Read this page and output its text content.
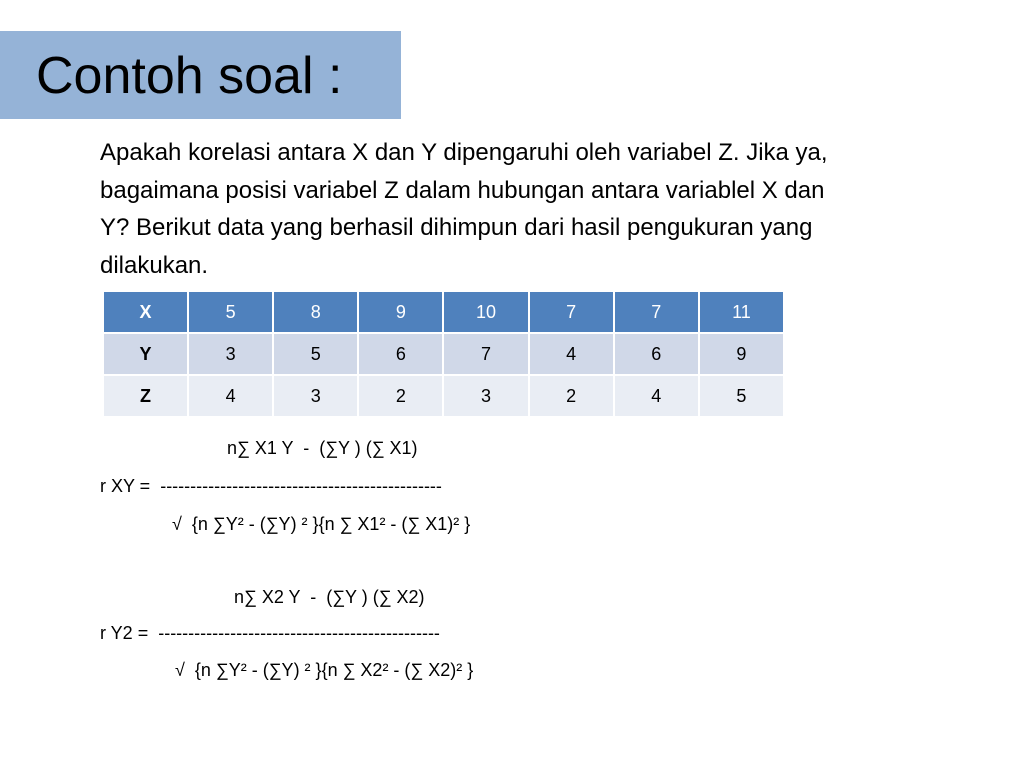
Contoh soal :
Apakah korelasi antara X dan Y dipengaruhi oleh variabel Z. Jika ya,
bagaimana posisi variabel Z dalam hubungan antara variablel X dan
Y? Berikut data yang berhasil dihimpun dari hasil pengukuran yang
dilakukan.
X	5	8	9	10	7	7	11
Y	3	5	6	7	4	6	9
Z	4	3	2	3	2	4	5
n∑ X1 Y  -  (∑Y ) (∑ X1)
r XY =  -----------------------------------------------
√  {n ∑Y² - (∑Y) ² }{n ∑ X1² - (∑ X1)² }
n∑ X2 Y  -  (∑Y ) (∑ X2)
r Y2 =  -----------------------------------------------
√  {n ∑Y² - (∑Y) ² }{n ∑ X2² - (∑ X2)² }
